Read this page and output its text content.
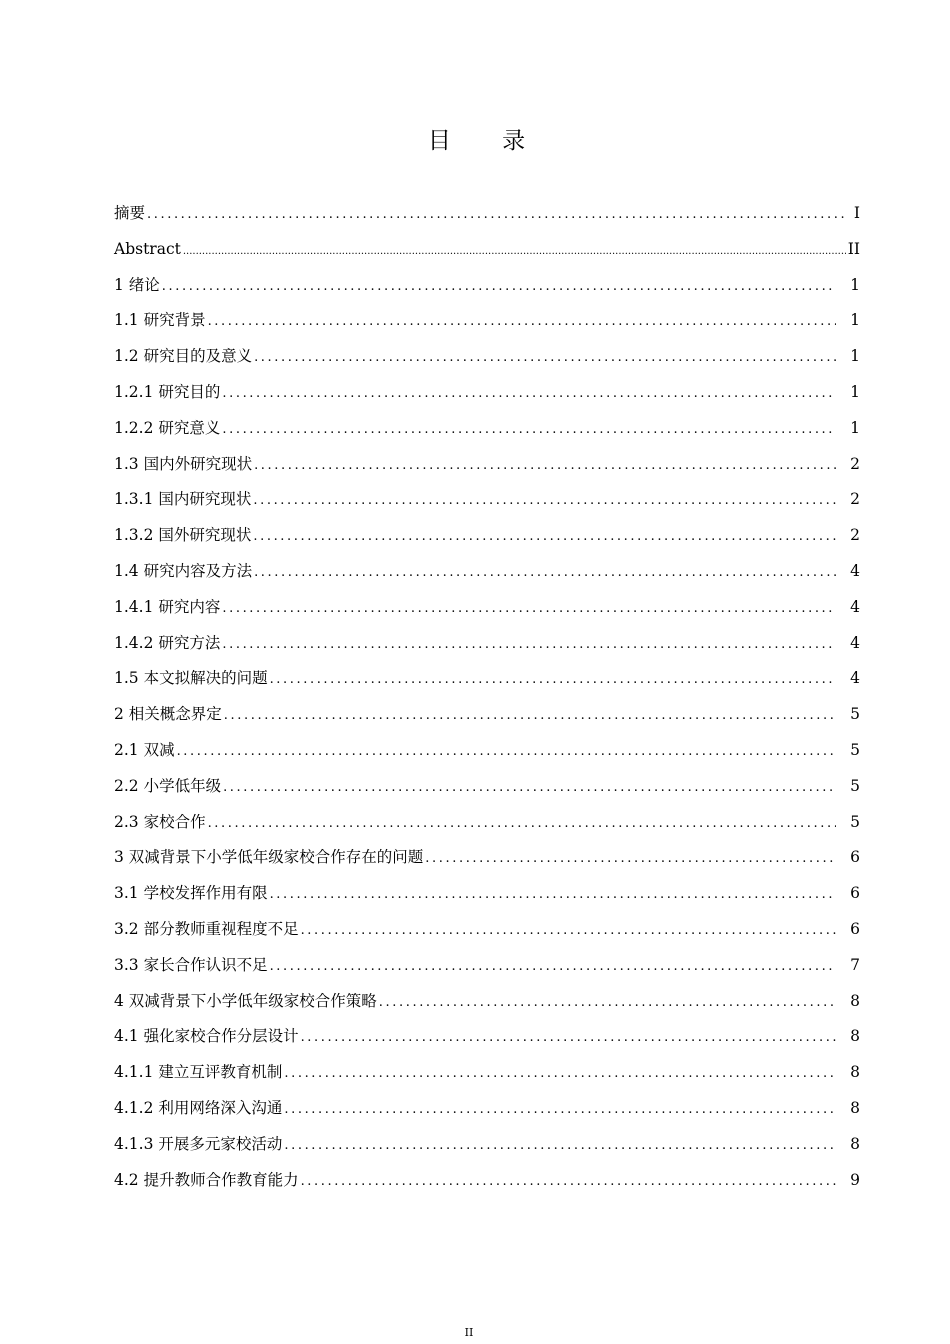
目 录
摘要 .....	I
Abstract .....	II
1 绪论 .....	1
1.1 研究背景 .....	1
1.2 研究目的及意义 .....	1
1.2.1 研究目的 .....	1
1.2.2 研究意义 .....	1
1.3 国内外研究现状 .....	2
1.3.1 国内研究现状 .....	2
1.3.2 国外研究现状 .....	2
1.4 研究内容及方法 .....	4
1.4.1 研究内容 .....	4
1.4.2 研究方法 .....	4
1.5 本文拟解决的问题 .....	4
2 相关概念界定 .....	5
2.1 双减 .....	5
2.2 小学低年级 .....	5
2.3 家校合作 .....	5
3 双减背景下小学低年级家校合作存在的问题 .....	6
3.1 学校发挥作用有限 .....	6
3.2 部分教师重视程度不足 .....	6
3.3 家长合作认识不足 .....	7
4 双减背景下小学低年级家校合作策略 .....	8
4.1 强化家校合作分层设计 .....	8
4.1.1 建立互评教育机制 .....	8
4.1.2 利用网络深入沟通 .....	8
4.1.3 开展多元家校活动 .....	8
4.2 提升教师合作教育能力 .....	9
II
